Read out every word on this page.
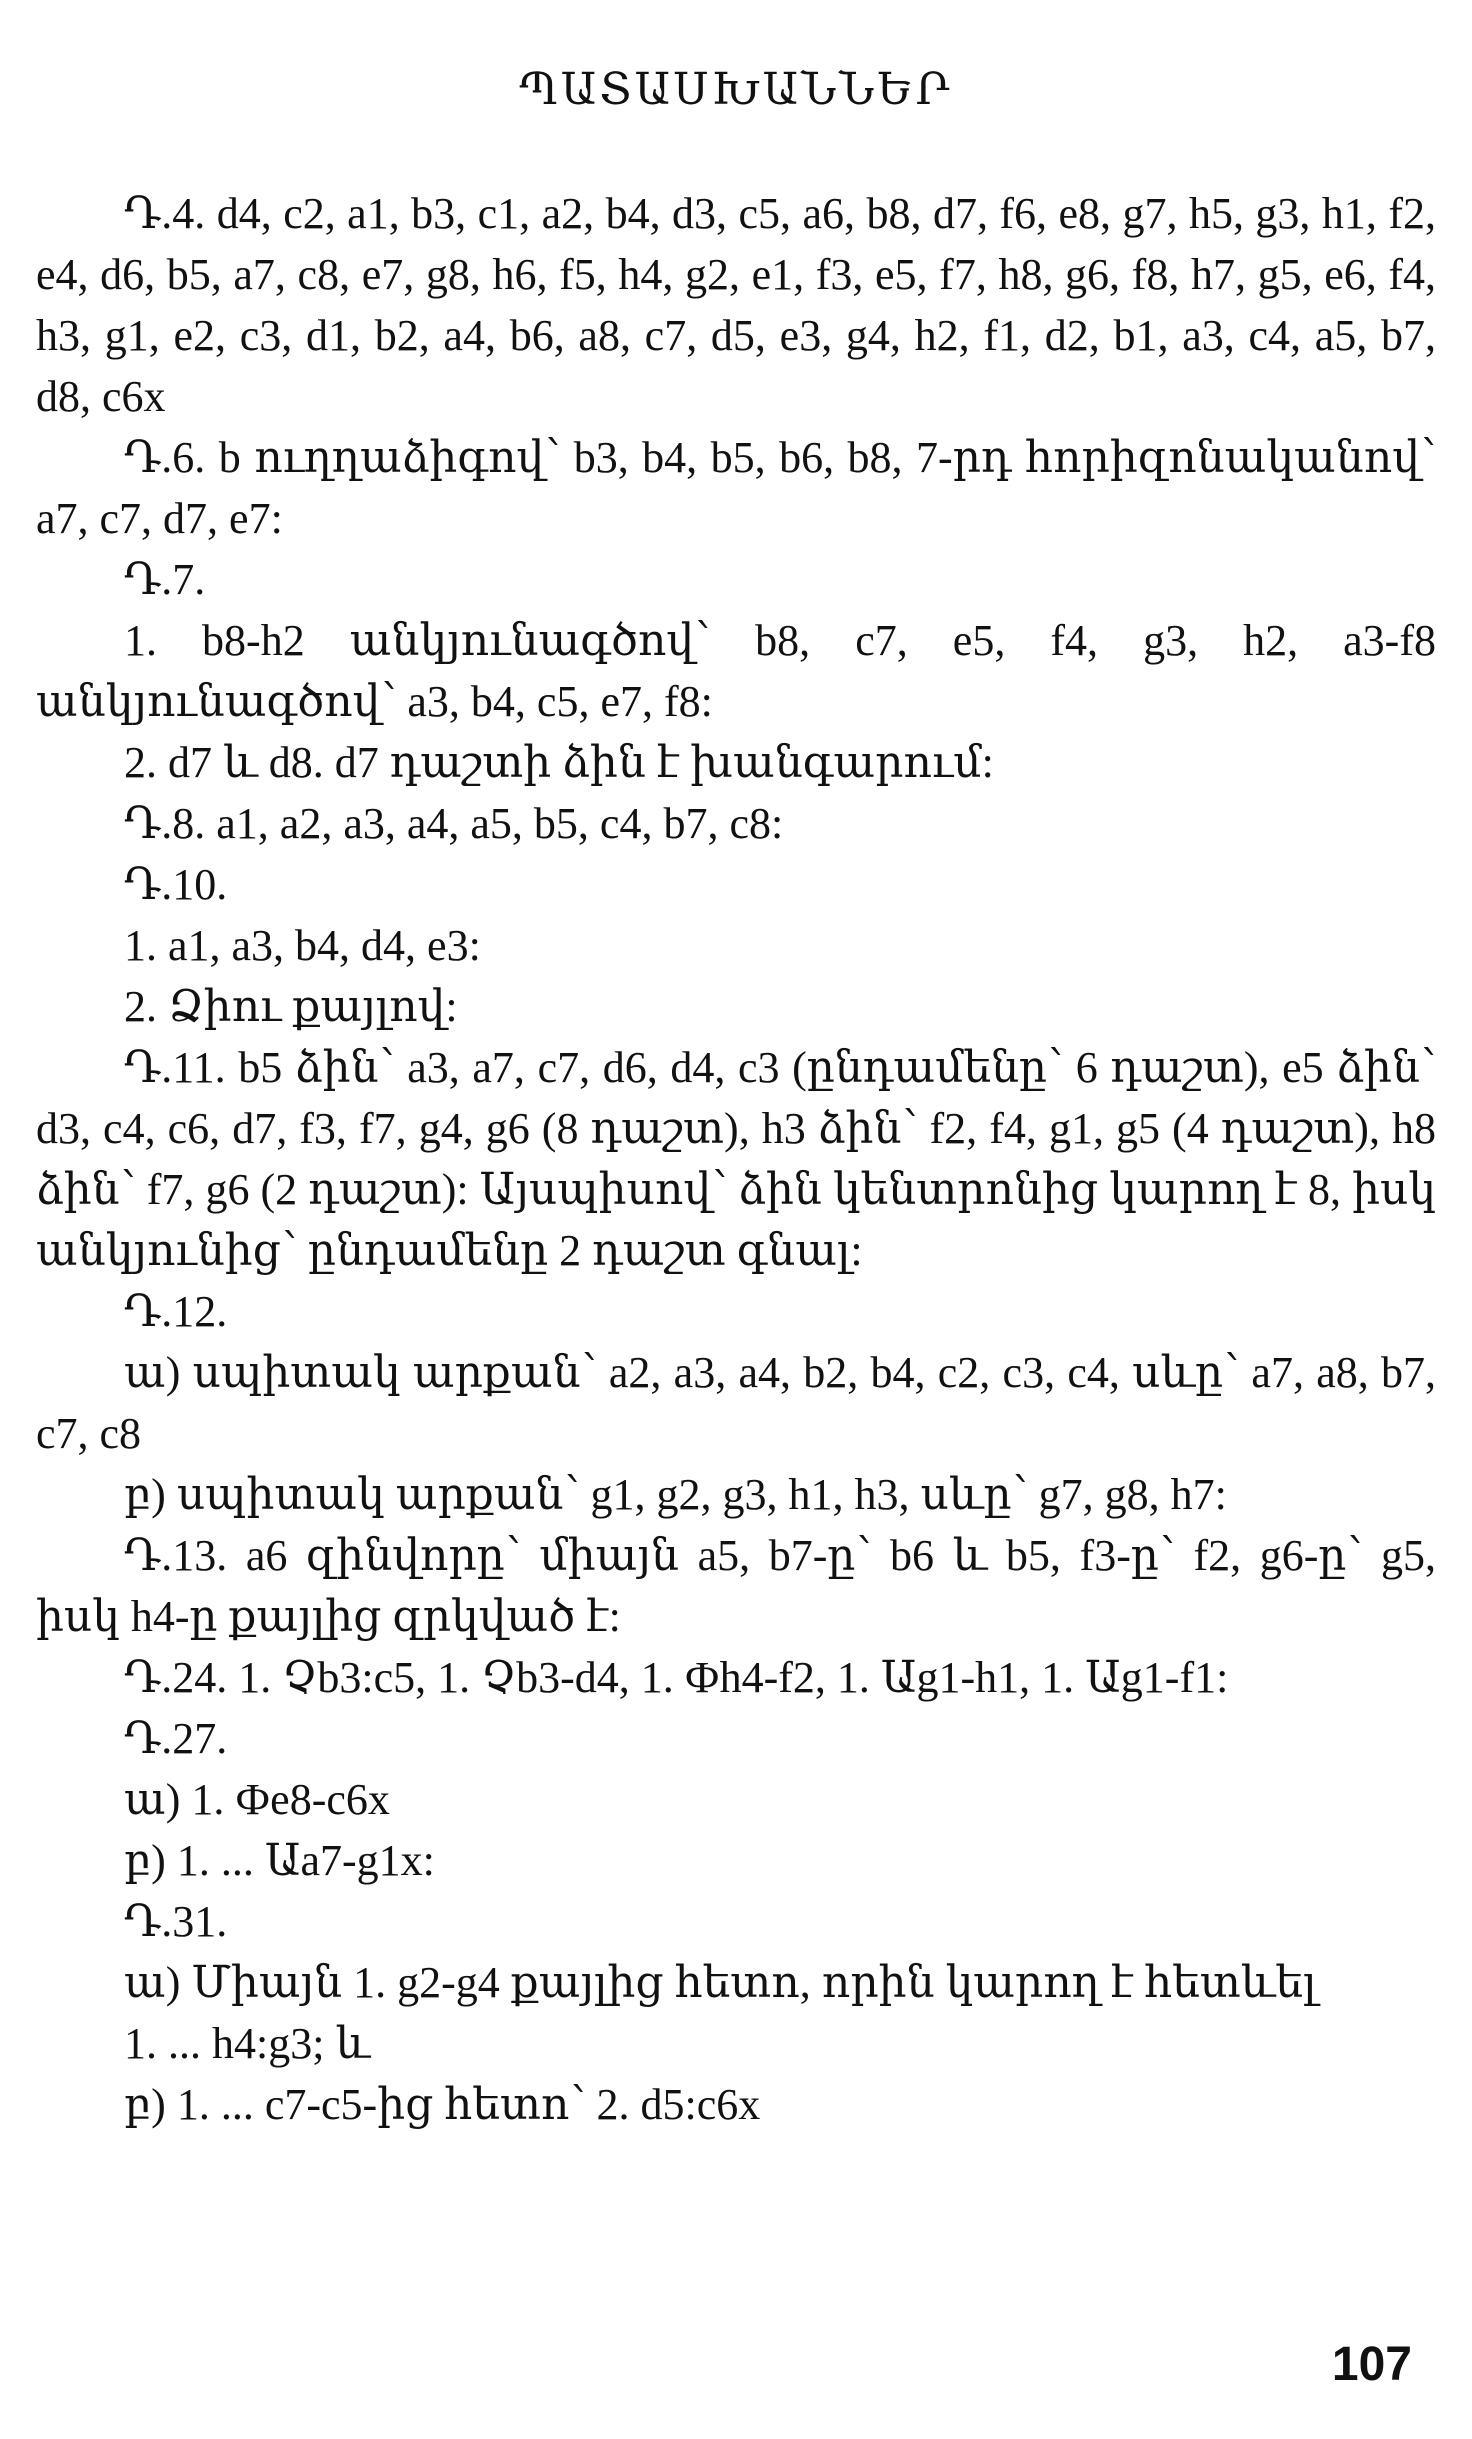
ՊԱՏԱՍԽԱՆՆԵՐ

Դ.4. d4, c2, a1, b3, c1, a2, b4, d3, c5, a6, b8, d7, f6, e8, g7, h5, g3, h1, f2, e4, d6, b5, a7, c8, e7, g8, h6, f5, h4, g2, e1, f3, e5, f7, h8, g6, f8, h7, g5, e6, f4, h3, g1, e2, c3, d1, b2, a4, b6, a8, c7, d5, e3, g4, h2, f1, d2, b1, a3, c4, a5, b7, d8, c6x

Դ.6. b ուղղաձիգով՝ b3, b4, b5, b6, b8, 7-րդ հորիզոնականով՝ a7, c7, d7, e7:

Դ.7.

1. b8-h2 անկյունագծով՝ b8, c7, e5, f4, g3, h2, a3-f8 անկյունագծով՝ a3, b4, c5, e7, f8:

2. d7 և d8. d7 դաշտի ձին է խանգարում:

Դ.8. a1, a2, a3, a4, a5, b5, c4, b7, c8:

Դ.10.

1. a1, a3, b4, d4, e3:

2. Ձիու քայլով:

Դ.11. b5 ձին՝ a3, a7, c7, d6, d4, c3 (ընդամենը՝ 6 դաշտ), e5 ձին՝ d3, c4, c6, d7, f3, f7, g4, g6 (8 դաշտ), h3 ձին՝ f2, f4, g1, g5 (4 դաշտ), h8 ձին՝ f7, g6 (2 դաշտ): Այսպիսով՝ ձին կենտրոնից կարող է 8, իսկ անկյունից՝ ընդամենը 2 դաշտ գնալ:

Դ.12.

ա) սպիտակ արքան՝ a2, a3, a4, b2, b4, c2, c3, c4, սևը՝ a7, a8, b7, c7, c8

բ) սպիտակ արքան՝ g1, g2, g3, h1, h3, սևը՝ g7, g8, h7:

Դ.13. a6 զինվորը՝ միայն a5, b7-ը՝ b6 և b5, f3-ը՝ f2, g6-ը՝ g5, իսկ h4-ը քայլից զրկված է:

Դ.24. 1. Չb3:c5, 1. Չb3-d4, 1. Фh4-f2, 1. Աg1-h1, 1. Աg1-f1:

Դ.27.

ա) 1. Фe8-c6x

բ) 1. ... Աa7-g1x:

Դ.31.

ա) Միայն 1. g2-g4 քայլից հետո, որին կարող է հետևել

1. ... h4:g3; և

բ) 1. ... c7-c5-ից հետո՝ 2. d5:c6x

107
